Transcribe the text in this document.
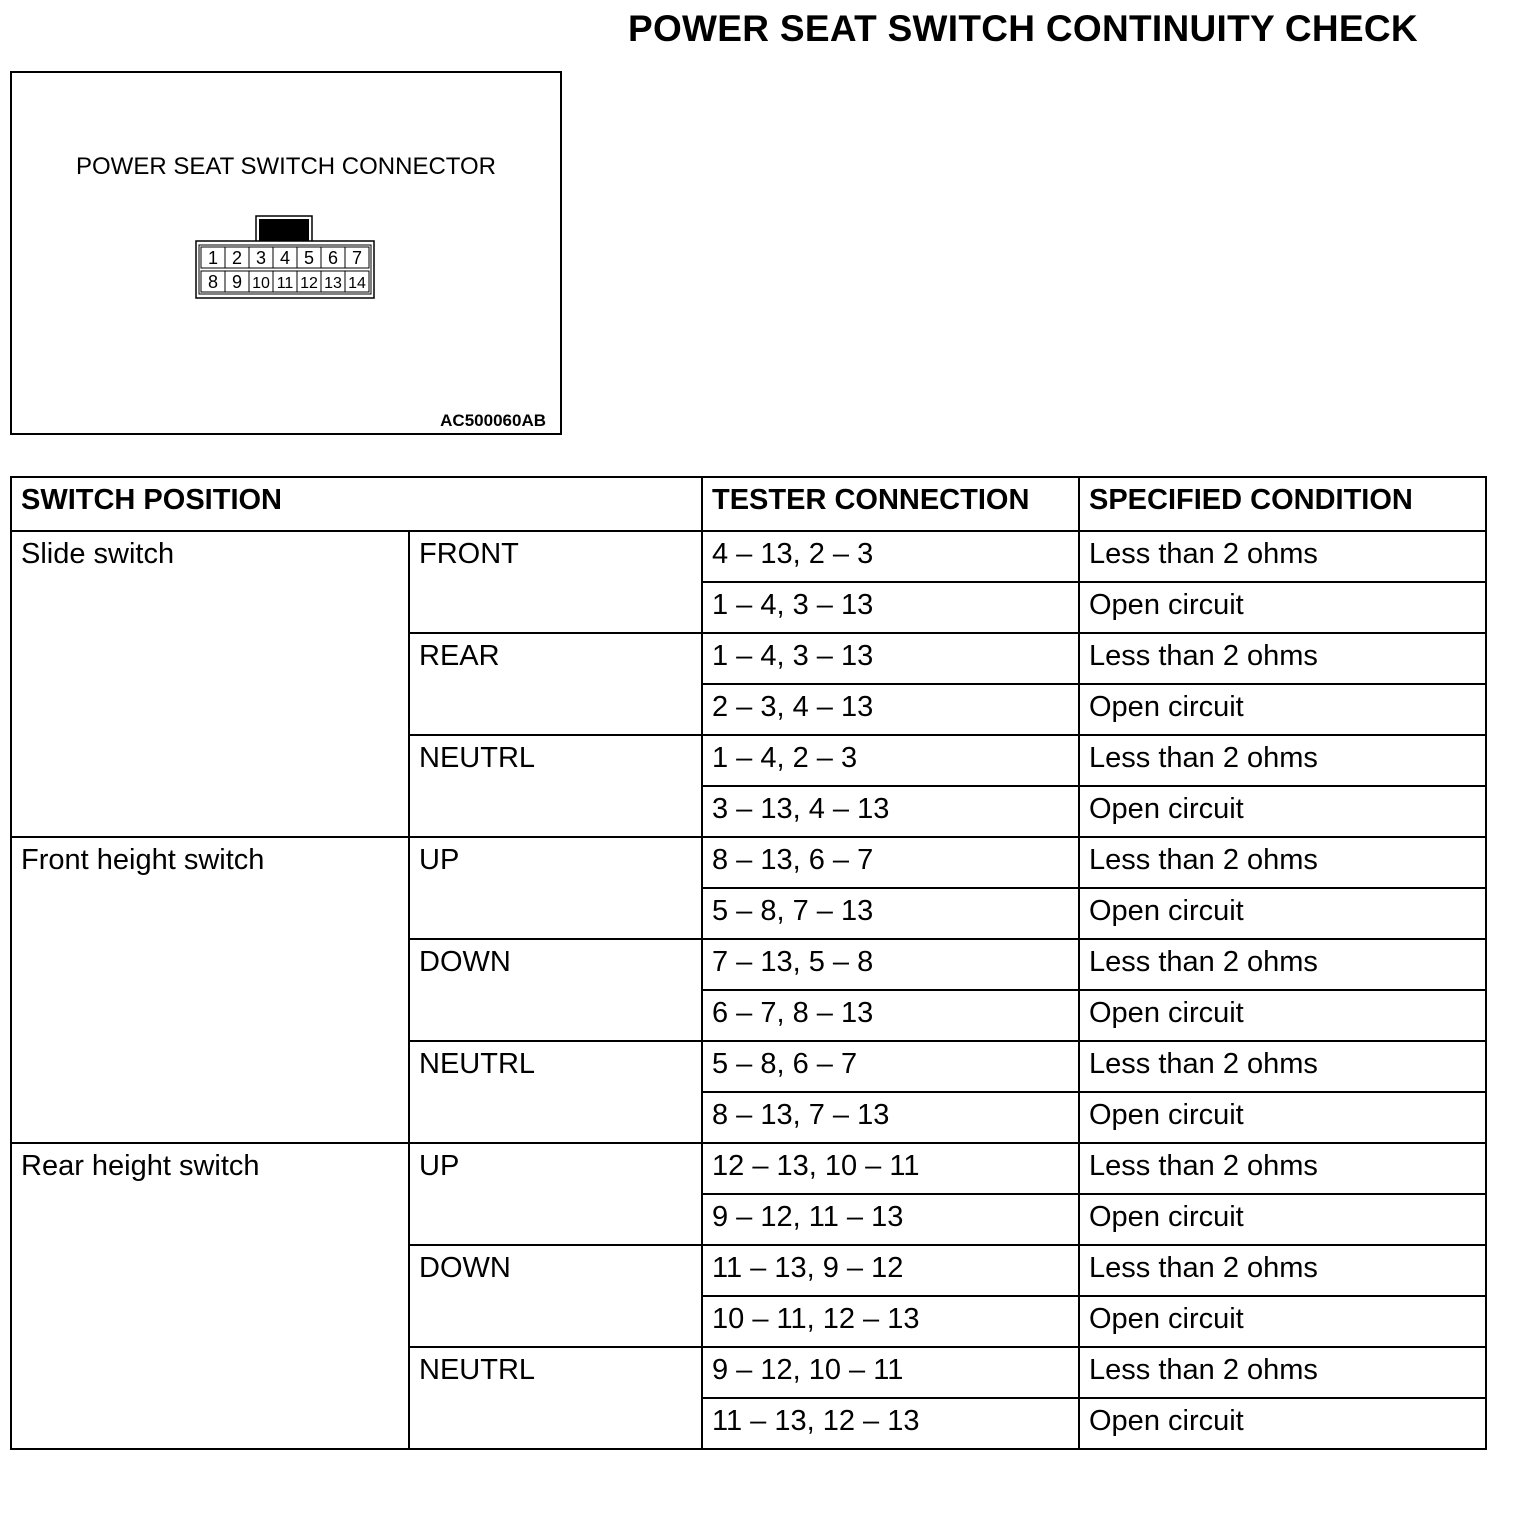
POWER SEAT SWITCH CONTINUITY CHECK
POWER SEAT SWITCH CONNECTOR
1 2 3 4 5 6 7
8 9 10 11 12 13 14
AC500060AB
SWITCH POSITION		TESTER CONNECTION	SPECIFIED CONDITION
Slide switch	FRONT	4 – 13, 2 – 3	Less than 2 ohms
		1 – 4, 3 – 13	Open circuit
	REAR	1 – 4, 3 – 13	Less than 2 ohms
		2 – 3, 4 – 13	Open circuit
	NEUTRL	1 – 4, 2 – 3	Less than 2 ohms
		3 – 13, 4 – 13	Open circuit
Front height switch	UP	8 – 13, 6 – 7	Less than 2 ohms
		5 – 8, 7 – 13	Open circuit
	DOWN	7 – 13, 5 – 8	Less than 2 ohms
		6 – 7, 8 – 13	Open circuit
	NEUTRL	5 – 8, 6 – 7	Less than 2 ohms
		8 – 13, 7 – 13	Open circuit
Rear height switch	UP	12 – 13, 10 – 11	Less than 2 ohms
		9 – 12, 11 – 13	Open circuit
	DOWN	11 – 13, 9 – 12	Less than 2 ohms
		10 – 11, 12 – 13	Open circuit
	NEUTRL	9 – 12, 10 – 11	Less than 2 ohms
		11 – 13, 12 – 13	Open circuit
